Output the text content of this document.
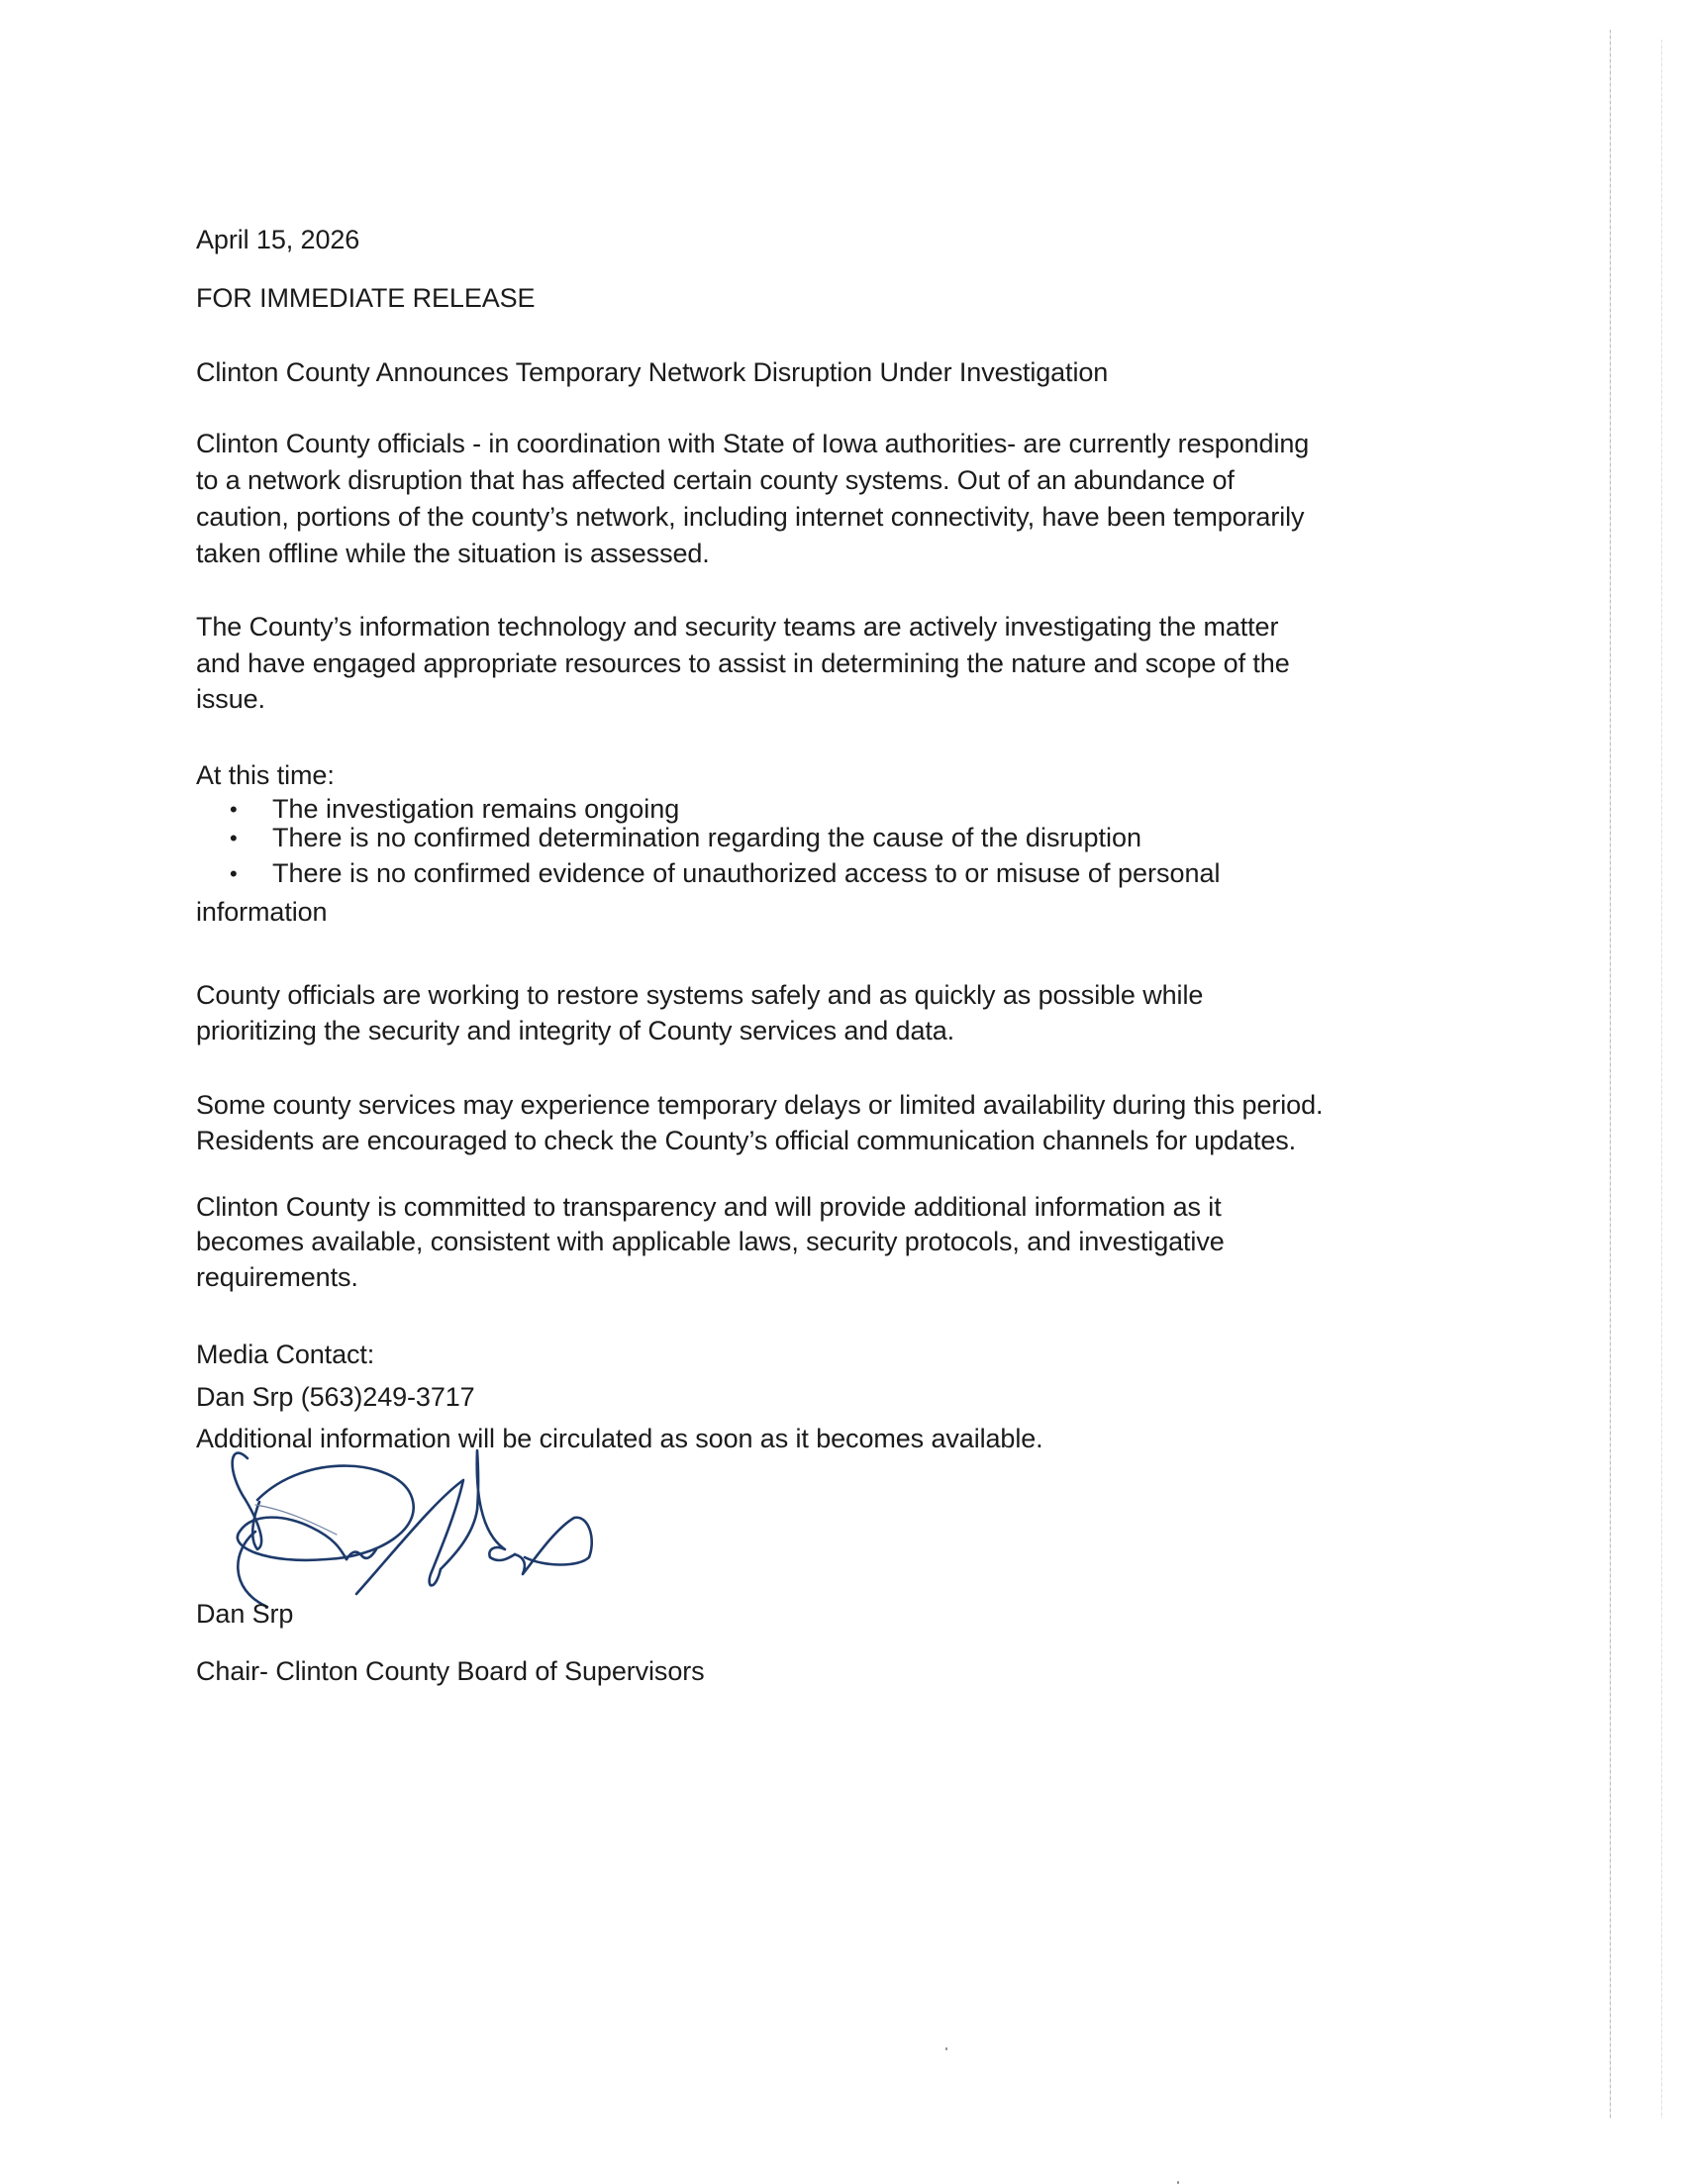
April 15, 2026
FOR IMMEDIATE RELEASE
Clinton County Announces Temporary Network Disruption Under Investigation
Clinton County officials - in coordination with State of Iowa authorities- are currently responding
to a network disruption that has affected certain county systems. Out of an abundance of
caution, portions of the county’s network, including internet connectivity, have been temporarily
taken offline while the situation is assessed.
The County’s information technology and security teams are actively investigating the matter
and have engaged appropriate resources to assist in determining the nature and scope of the
issue.
At this time:
• The investigation remains ongoing
• There is no confirmed determination regarding the cause of the disruption
• There is no confirmed evidence of unauthorized access to or misuse of personal
information
County officials are working to restore systems safely and as quickly as possible while
prioritizing the security and integrity of County services and data.
Some county services may experience temporary delays or limited availability during this period.
Residents are encouraged to check the County’s official communication channels for updates.
Clinton County is committed to transparency and will provide additional information as it
becomes available, consistent with applicable laws, security protocols, and investigative
requirements.
Media Contact:
Dan Srp (563)249-3717
Additional information will be circulated as soon as it becomes available.
Dan Srp
Chair- Clinton County Board of Supervisors
